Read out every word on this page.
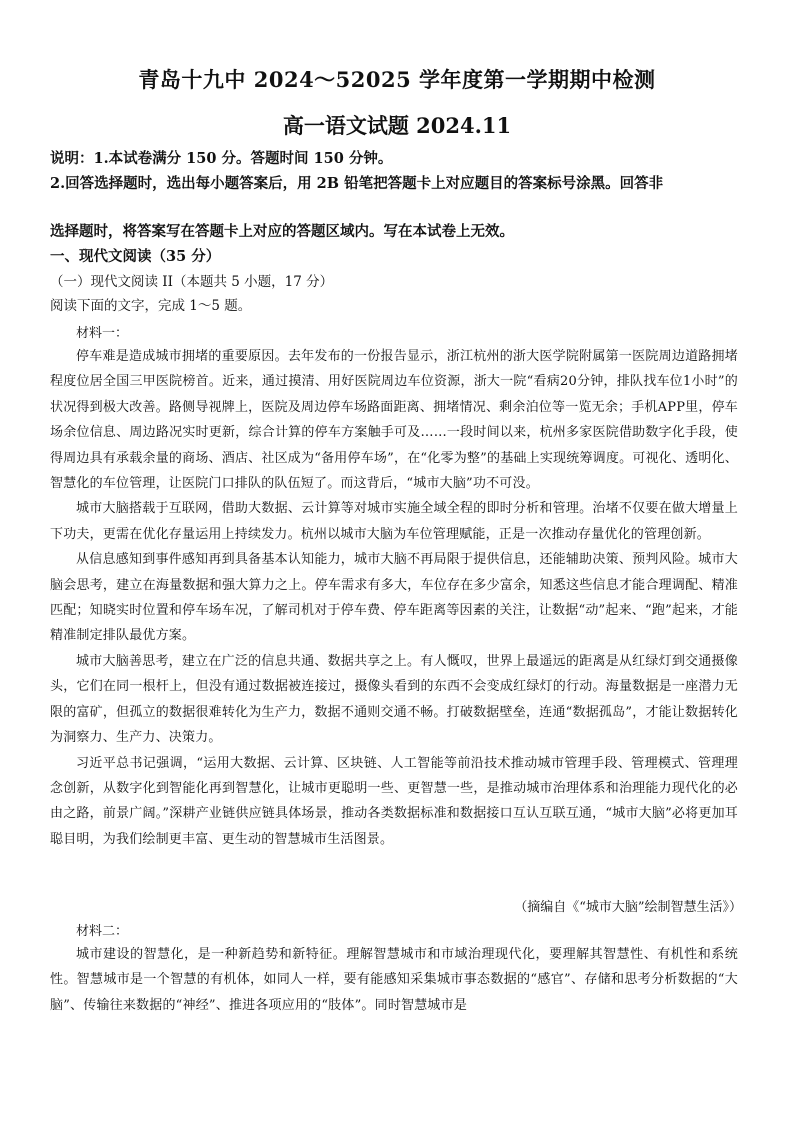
青岛十九中 2024～52025 学年度第一学期期中检测
高一语文试题 2024.11
说明：1.本试卷满分 150 分。答题时间 150 分钟。
2.回答选择题时，选出每小题答案后，用 2B 铅笔把答题卡上对应题目的答案标号涂黑。回答非
选择题时，将答案写在答题卡上对应的答题区域内。写在本试卷上无效。
一、现代文阅读（35 分）
（一）现代文阅读 II（本题共 5 小题，17 分）
阅读下面的文字，完成 1～5 题。
材料一：

停车难是造成城市拥堵的重要原因。去年发布的一份报告显示，浙江杭州的浙大医学院附属第一医院周边道路拥堵程度位居全国三甲医院榜首。近来，通过摸清、用好医院周边车位资源，浙大一院“看病20分钟，排队找车位1小时”的状况得到极大改善。路侧导视牌上，医院及周边停车场路面距离、拥堵情况、剩余泊位等一览无余；手机APP里，停车场余位信息、周边路况实时更新，综合计算的停车方案触手可及……一段时间以来，杭州多家医院借助数字化手段，使得周边具有承载余量的商场、酒店、社区成为“备用停车场”，在“化零为整”的基础上实现统筹调度。可视化、透明化、智慧化的车位管理，让医院门口排队的队伍短了。而这背后，“城市大脑”功不可没。

城市大脑搭载于互联网，借助大数据、云计算等对城市实施全域全程的即时分析和管理。治堵不仅要在做大增量上下功夫，更需在优化存量运用上持续发力。杭州以城市大脑为车位管理赋能，正是一次推动存量优化的管理创新。

从信息感知到事件感知再到具备基本认知能力，城市大脑不再局限于提供信息，还能辅助决策、预判风险。城市大脑会思考，建立在海量数据和强大算力之上。停车需求有多大，车位存在多少富余，知悉这些信息才能合理调配、精准匹配；知晓实时位置和停车场车况，了解司机对于停车费、停车距离等因素的关注，让数据“动”起来、“跑”起来，才能精准制定排队最优方案。

城市大脑善思考，建立在广泛的信息共通、数据共享之上。有人慨叹，世界上最遥远的距离是从红绿灯到交通摄像头，它们在同一根杆上，但没有通过数据被连接过，摄像头看到的东西不会变成红绿灯的行动。海量数据是一座潜力无限的富矿，但孤立的数据很难转化为生产力，数据不通则交通不畅。打破数据壁垒，连通“数据孤岛”，才能让数据转化为洞察力、生产力、决策力。

习近平总书记强调，“运用大数据、云计算、区块链、人工智能等前沿技术推动城市管理手段、管理模式、管理理念创新，从数字化到智能化再到智慧化，让城市更聪明一些、更智慧一些，是推动城市治理体系和治理能力现代化的必由之路，前景广阔。”深耕产业链供应链具体场景，推动各类数据标准和数据接口互认互联互通，“城市大脑”必将更加耳聪目明，为我们绘制更丰富、更生动的智慧城市生活图景。

（摘编自《“城市大脑”绘制智慧生活》）
材料二：

城市建设的智慧化，是一种新趋势和新特征。理解智慧城市和市域治理现代化，要理解其智慧性、有机性和系统性。智慧城市是一个智慧的有机体，如同人一样，要有能感知采集城市事态数据的“感官”、存储和思考分析数据的“大脑”、传输往来数据的“神经”、推进各项应用的“肢体”。同时智慧城市是
